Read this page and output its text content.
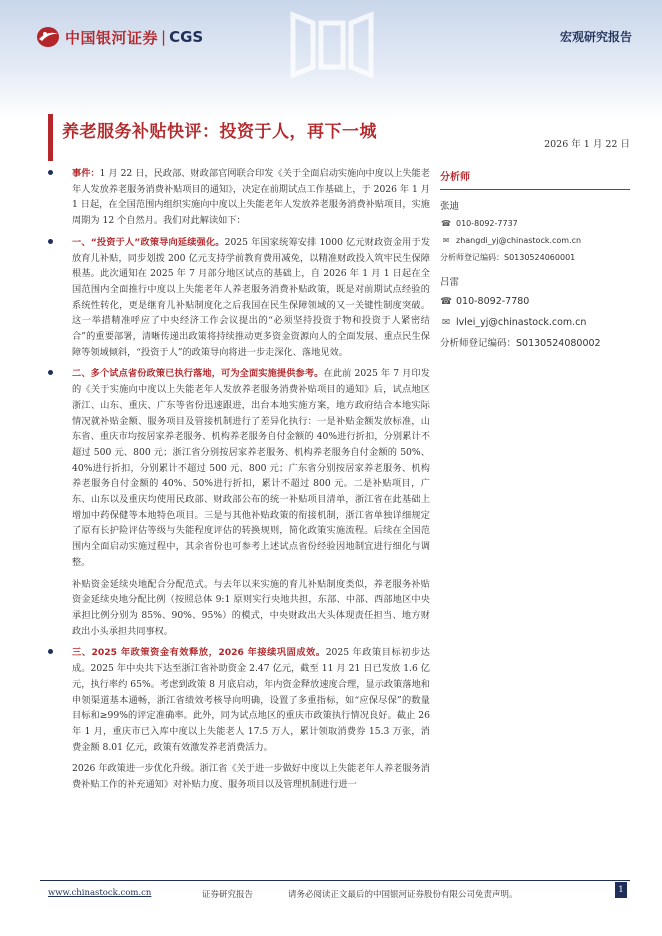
中国银河证券 | CGS	宏观研究报告
养老服务补贴快评：投资于人，再下一城
2026 年 1 月 22 日
事件：1 月 22 日，民政部、财政部官网联合印发《关于全面启动实施向中度以上失能老年人发放养老服务消费补贴项目的通知》，决定在前期试点工作基础上，于 2026 年 1 月 1 日起，在全国范围内组织实施向中度以上失能老年人发放养老服务消费补贴项目，实施周期为 12 个自然月。我们对此解读如下：
一、“投资于人”政策导向延续强化。2025 年国家统筹安排 1000 亿元财政资金用于发放育儿补贴，同步划拨 200 亿元支持学前教育费用减免，以精准财政投入筑牢民生保障根基。此次通知在 2025 年 7 月部分地区试点的基础上，自 2026 年 1 月 1 日起在全国范围内全面推行中度以上失能老年人养老服务消费补贴政策，既是对前期试点经验的系统性转化，更是继育儿补贴制度化之后我国在民生保障领域的又一关键性制度突破。这一举措精准呼应了中央经济工作会议提出的“必须坚持投资于物和投资于人紧密结合”的重要部署，清晰传递出政策将持续推动更多资金资源向人的全面发展、重点民生保障等领域倾斜，“投资于人”的政策导向将进一步走深化、落地见效。
二、多个试点省份政策已执行落地，可为全面实施提供参考。在此前 2025 年 7 月印发的《关于实施向中度以上失能老年人发放养老服务消费补贴项目的通知》后，试点地区浙江、山东、重庆、广东等省份迅速跟进，出台本地实施方案，地方政府结合本地实际情况就补贴金额、服务项目及管接机制进行了差异化执行：一是补贴金额发放标准，山东省、重庆市均按居家养老服务、机构养老服务自付金额的 40%进行折扣，分别累计不超过 500 元、800 元；浙江省分别按居家养老服务、机构养老服务自付金额的 50%、40%进行折扣，分别累计不超过 500 元、800 元；广东省分别按居家养老服务、机构养老服务自付金额的 40%、50%进行折扣，累计不超过 800 元。二是补贴项目，广东、山东以及重庆均使用民政部、财政部公布的统一补贴项目清单，浙江省在此基础上增加中药保健等本地特色项目。三是与其他补贴政策的衔接机制，浙江省单独详细规定了原有长护险评估等级与失能程度评估的转换规则，简化政策实施流程。后续在全国范围内全面启动实施过程中，其余省份也可参考上述试点省份经验因地制宜进行细化与调整。
补贴资金延续央地配合分配范式。与去年以来实施的育儿补贴制度类似，养老服务补贴资金延续央地分配比例（按照总体 9:1 原则实行央地共担，东部、中部、西部地区中央承担比例分别为 85%、90%、95%）的模式，中央财政出大头体现责任担当、地方财政出小头承担共同事权。
三、2025 年政策资金有效释放，2026 年接续巩固成效。2025 年政策目标初步达成。2025 年中央共下达至浙江省补助资金 2.47 亿元，截至 11 月 21 日已发放 1.6 亿元，执行率约 65%。考虑到政策 8 月底启动，年内资金释放速度合理，显示政策落地和申领渠道基本通畅，浙江省绩效考核导向明确，设置了多重指标，如“应保尽保”的数量目标和≥99%的评定准确率。此外，同为试点地区的重庆市政策执行情况良好。截止 26 年 1 月，重庆市已入库中度以上失能老人 17.5 万人，累计领取消费券 15.3 万张，消费金额 8.01 亿元，政策有效激发养老消费活力。
2026 年政策进一步优化升级。浙江省《关于进一步做好中度以上失能老年人养老服务消费补贴工作的补充通知》对补贴力度、服务项目以及管理机制进行进一
分析师
张迪
☎ 010-8092-7737
✉ zhangdi_yj@chinastock.com.cn
分析师登记编码：S0130524060001
吕雷
☎ 010-8092-7780
✉ lvlei_yj@chinastock.com.cn
分析师登记编码：S0130524080002
www.chinastock.com.cn	证券研究报告	请务必阅读正文最后的中国银河证券股份有限公司免责声明。	1
